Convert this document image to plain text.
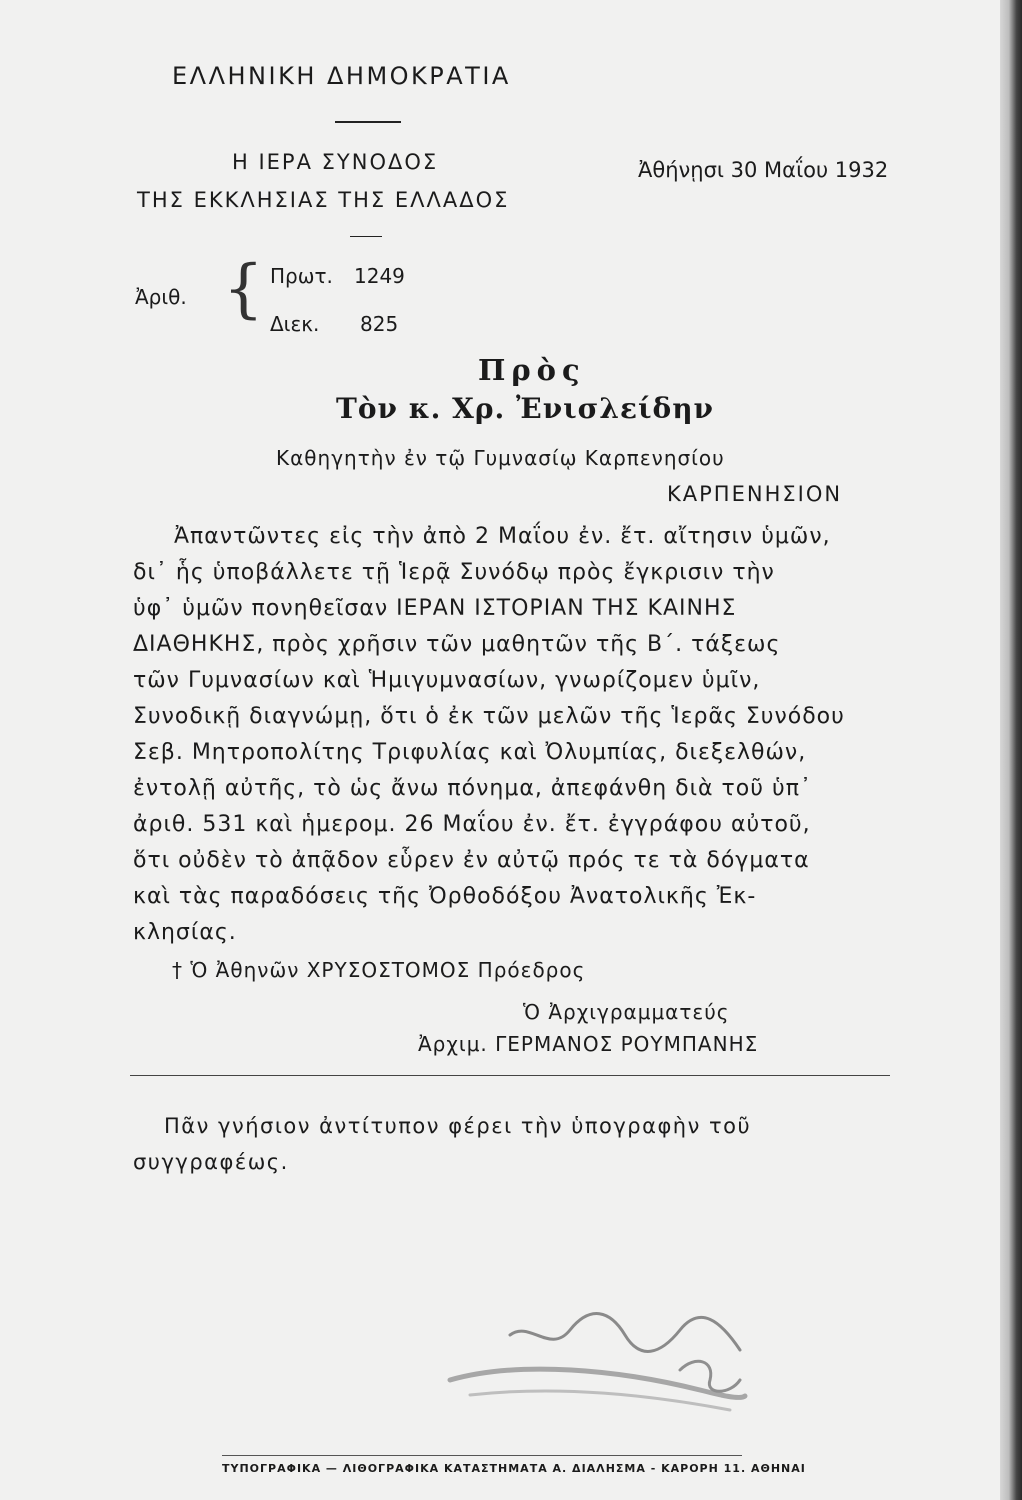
ΕΛΛΗΝΙΚΗ ΔΗΜΟΚΡΑΤΙΑ
Η ΙΕΡΑ ΣΥΝΟΔΟΣ
ΤΗΣ ΕΚΚΛΗΣΙΑΣ ΤΗΣ ΕΛΛΑΔΟΣ
Ἀθήνῃσι 30 Μαΐου 1932
Ἀριθ. { Πρωτ. 1249
Διεκ. 825
Πρὸς
Τὸν κ. Χρ. Ἐνισλείδην
Καθηγητὴν ἐν τῷ Γυμνασίῳ Καρπενησίου
ΚΑΡΠΕΝΗΣΙΟΝ
Ἀπαντῶντες εἰς τὴν ἀπὸ 2 Μαΐου ἐν. ἔτ. αἴτησιν ὑμῶν,
δι᾽ ἧς ὑποβάλλετε τῇ Ἱερᾷ Συνόδῳ πρὸς ἔγκρισιν τὴν
ὑφ᾽ ὑμῶν πονηθεῖσαν ΙΕΡΑΝ ΙΣΤΟΡΙΑΝ ΤΗΣ ΚΑΙΝΗΣ
ΔΙΑΘΗΚΗΣ, πρὸς χρῆσιν τῶν μαθητῶν τῆς Β΄. τάξεως
τῶν Γυμνασίων καὶ Ἡμιγυμνασίων, γνωρίζομεν ὑμῖν,
Συνοδικῇ διαγνώμῃ, ὅτι ὁ ἐκ τῶν μελῶν τῆς Ἱερᾶς Συνόδου
Σεβ. Μητροπολίτης Τριφυλίας καὶ Ὀλυμπίας, διεξελθών,
ἐντολῇ αὐτῆς, τὸ ὡς ἄνω πόνημα, ἀπεφάνθη διὰ τοῦ ὑπ᾽
ἀριθ. 531 καὶ ἡμερομ. 26 Μαΐου ἐν. ἔτ. ἐγγράφου αὐτοῦ,
ὅτι οὐδὲν τὸ ἀπᾷδον εὗρεν ἐν αὐτῷ πρός τε τὰ δόγματα
καὶ τὰς παραδόσεις τῆς Ὀρθοδόξου Ἀνατολικῆς Ἐκ-
κλησίας.
† Ὁ Ἀθηνῶν ΧΡΥΣΟΣΤΟΜΟΣ Πρόεδρος
Ὁ Ἀρχιγραμματεύς
Ἀρχιμ. ΓΕΡΜΑΝΟΣ ΡΟΥΜΠΑΝΗΣ
Πᾶν γνήσιον ἀντίτυπον φέρει τὴν ὑπογραφὴν τοῦ
συγγραφέως.
ΤΥΠΟΓΡΑΦΙΚΑ — ΛΙΘΟΓΡΑΦΙΚΑ ΚΑΤΑΣΤΗΜΑΤΑ Α. ΔΙΑΛΗΣΜΑ - ΚΑΡΟΡΗ 11. ΑΘΗΝΑΙ
